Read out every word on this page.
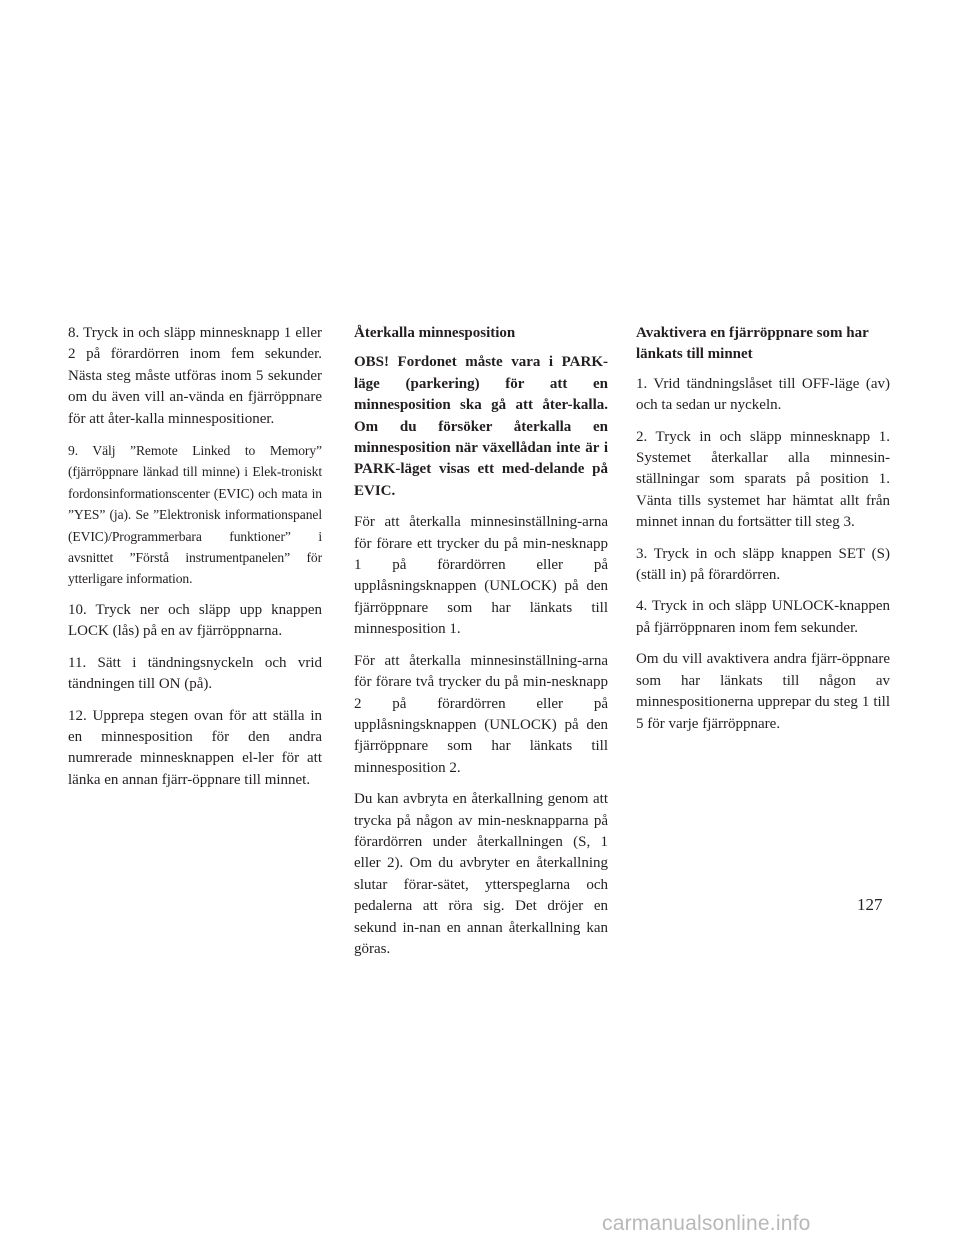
8. Tryck in och släpp minnesknapp 1 eller 2 på förardörren inom fem sekunder. Nästa steg måste utföras inom 5 sekunder om du även vill an-vända en fjärröppnare för att åter-kalla minnespositioner.

9. Välj ”Remote Linked to Memory” (fjärröppnare länkad till minne) i Elek-troniskt fordonsinformationscenter (EVIC) och mata in ”YES” (ja). Se ”Elektronisk informationspanel (EVIC)/Programmerbara funktioner” i avsnittet ”Förstå instrumentpanelen” för ytterligare information.

10. Tryck ner och släpp upp knappen LOCK (lås) på en av fjärröppnarna.

11. Sätt i tändningsnyckeln och vrid tändningen till ON (på).

12. Upprepa stegen ovan för att ställa in en minnesposition för den andra numrerade minnesknappen el-ler för att länka en annan fjärr-öppnare till minnet.

Återkalla minnesposition

OBS! Fordonet måste vara i PARK-läge (parkering) för att en minnesposition ska gå att åter-kalla. Om du försöker återkalla en minnesposition när växellådan inte är i PARK-läget visas ett med-delande på EVIC.

För att återkalla minnesinställning-arna för förare ett trycker du på min-nesknapp 1 på förardörren eller på upplåsningsknappen (UNLOCK) på den fjärröppnare som har länkats till minnesposition 1.

För att återkalla minnesinställning-arna för förare två trycker du på min-nesknapp 2 på förardörren eller på upplåsningsknappen (UNLOCK) på den fjärröppnare som har länkats till minnesposition 2.

Du kan avbryta en återkallning genom att trycka på någon av min-nesknapparna på förardörren under återkallningen (S, 1 eller 2). Om du avbryter en återkallning slutar förar-sätet, ytterspeglarna och pedalerna att röra sig. Det dröjer en sekund in-nan en annan återkallning kan göras.

Avaktivera en fjärröppnare som har länkats till minnet

1. Vrid tändningslåset till OFF-läge (av) och ta sedan ur nyckeln.

2. Tryck in och släpp minnesknapp 1. Systemet återkallar alla minnesin-ställningar som sparats på position 1. Vänta tills systemet har hämtat allt från minnet innan du fortsätter till steg 3.

3. Tryck in och släpp knappen SET (S) (ställ in) på förardörren.

4. Tryck in och släpp UNLOCK-knappen på fjärröppnaren inom fem sekunder.

Om du vill avaktivera andra fjärr-öppnare som har länkats till någon av minnespositionerna upprepar du steg 1 till 5 för varje fjärröppnare.

127
carmanualsonline.info
